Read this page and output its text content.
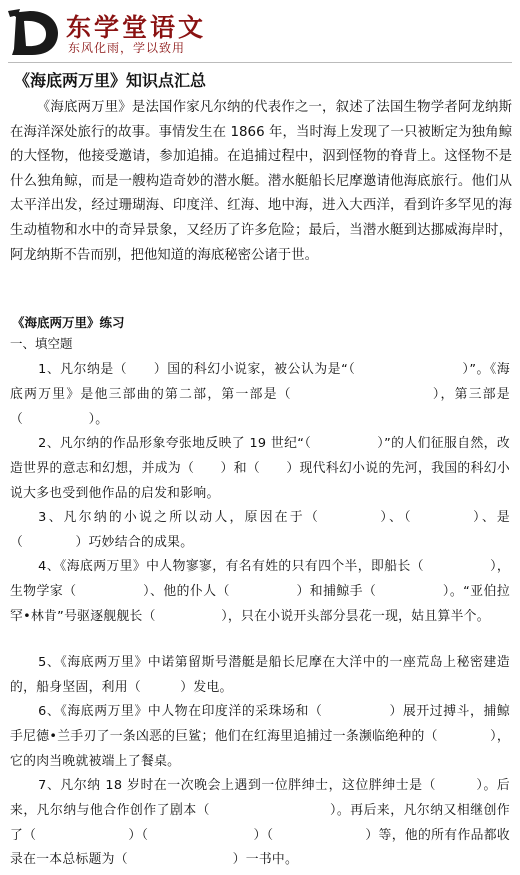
东学堂语文
东风化雨，学以致用
《海底两万里》知识点汇总
《海底两万里》是法国作家凡尔纳的代表作之一，叙述了法国生物学者阿龙纳斯在海洋深处旅行的故事。事情发生在 1866 年，当时海上发现了一只被断定为独角鲸的大怪物，他接受邀请，参加追捕。在追捕过程中，泅到怪物的脊背上。这怪物不是什么独角鲸，而是一艘构造奇妙的潜水艇。潜水艇船长尼摩邀请他海底旅行。他们从太平洋出发，经过珊瑚海、印度洋、红海、地中海，进入大西洋，看到许多罕见的海生动植物和水中的奇异景象，又经历了许多危险；最后，当潜水艇到达挪威海岸时，阿龙纳斯不告而别，把他知道的海底秘密公诸于世。
《海底两万里》练习
一、填空题
1、凡尔纳是（　　）国的科幻小说家，被公认为是“（　　　　　　　　）”。《海底两万里》是他三部曲的第二部，第一部是（　　　　　　　　　　），第三部是（　　　　　）。
2、凡尔纳的作品形象夸张地反映了 19 世纪“（　　　　　）”的人们征服自然，改造世界的意志和幻想，并成为（　　）和（　　）现代科幻小说的先河，我国的科幻小说大多也受到他作品的启发和影响。
3、凡尔纳的小说之所以动人，原因在于（　　　　）、（　　　　）、是（　　　　）巧妙结合的成果。
4、《海底两万里》中人物寥寥，有名有姓的只有四个半，即船长（　　　　　），生物学家（　　　　　）、他的仆人（　　　　　）和捕鲸手（　　　　　）。“亚伯拉罕•林肯”号驱逐舰舰长（　　　　　），只在小说开头部分昙花一现，姑且算半个。
5、《海底两万里》中诺第留斯号潜艇是船长尼摩在大洋中的一座荒岛上秘密建造的，船身坚固，利用（　　　）发电。
6、《海底两万里》中人物在印度洋的采珠场和（　　　　　）展开过搏斗，捕鲸手尼德•兰手刃了一条凶恶的巨鲨；他们在红海里追捕过一条濒临绝种的（　　　　），它的肉当晚就被端上了餐桌。
7、凡尔纳 18 岁时在一次晚会上遇到一位胖绅士，这位胖绅士是（　　　）。后来，凡尔纳与他合作创作了剧本（　　　　　　　　　）。再后来，凡尔纳又相继创作了（　　　　　　　）（　　　　　　　　）（　　　　　　　）等，他的所有作品都收录在一本总标题为（　　　　　　　　）一书中。
